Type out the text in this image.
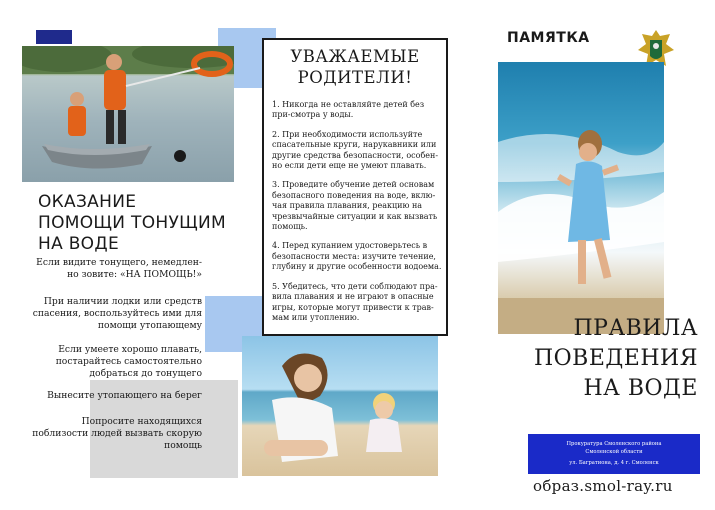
ОКАЗАНИЕ ПОМОЩИ ТОНУЩИМ НА ВОДЕ
Если видите тонущего, немедлен-но зовите: «НА ПОМОЩЬ!»
При наличии лодки или средств спасения, воспользуйтесь ими для помощи утопающему
Если умеете хорошо плавать, постарайтесь самостоятельно добраться до тонущего
Вынесите утопающего на берег
Попросите находящихся поблизости людей вызвать скорую помощь
УВАЖАЕМЫЕ РОДИТЕЛИ!
1. Никогда не оставляйте детей без при-смотра у воды.
2. При необходимости используйте спасательные круги, нарукавники или другие средства безопасности, особен-но если дети еще не умеют плавать.
3. Проведите обучение детей основам безопасного поведения на воде, вклю-чая правила плавания, реакцию на чрезвычайные ситуации и как вызвать помощь.
4. Перед купанием удостоверьтесь в безопасности места: изучите течение, глубину и другие особенности водоема.
5. Убедитесь, что дети соблюдают пра-вила плавания и не играют в опасные игры, которые могут привести к трав-мам или утоплению.
ПАМЯТКА
ПРАВИЛА ПОВЕДЕНИЯ НА ВОДЕ
Прокуратура Смоленского района
Смоленской области
ул. Багратиона, д. 4 г. Смоленск
образ.smol-ray.ru
